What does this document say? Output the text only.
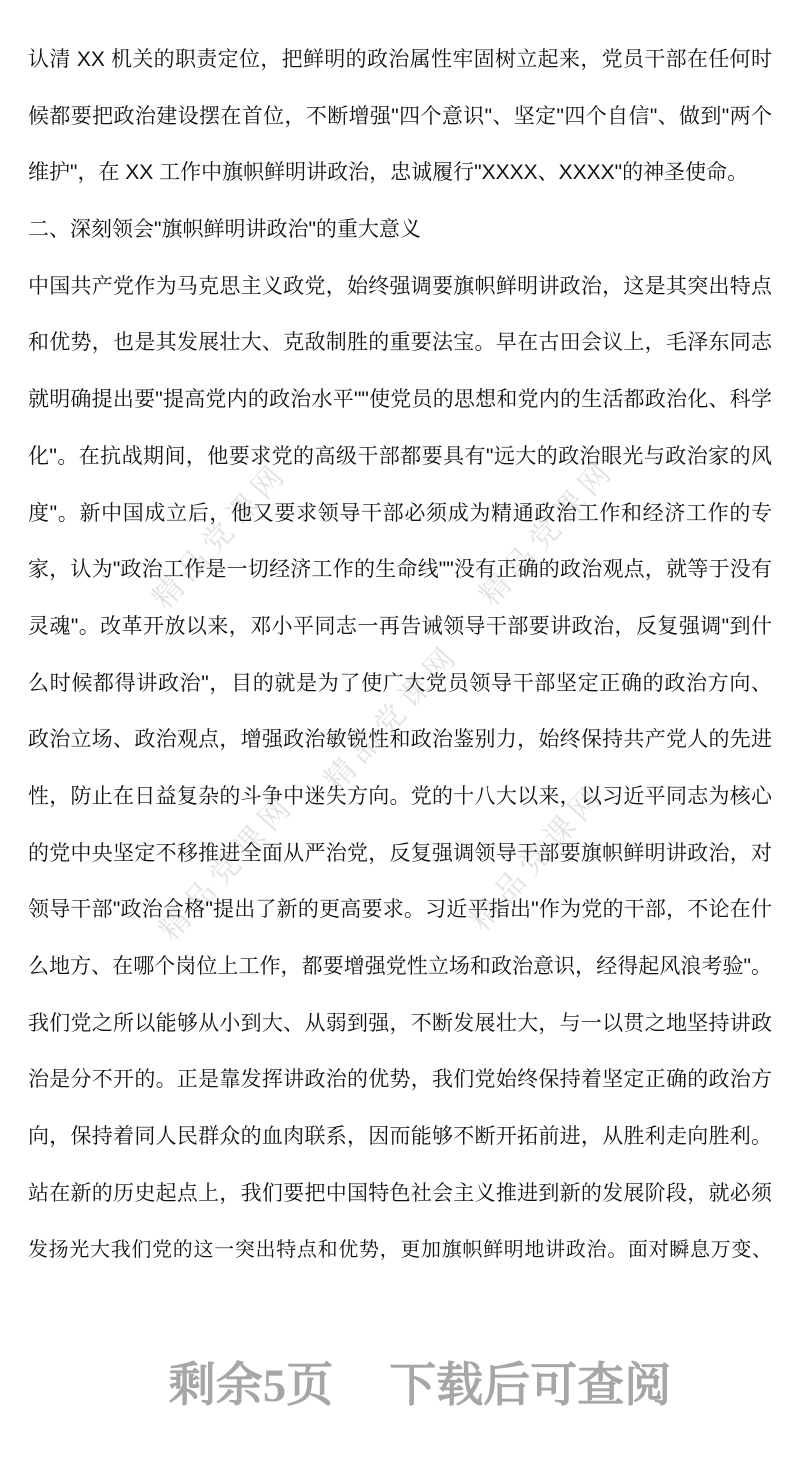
精品党课网	精品党课网
精品党课网
精品党课网	精品党课网
认清 XX 机关的职责定位，把鲜明的政治属性牢固树立起来，党员干部在任何时
候都要把政治建设摆在首位，不断增强"四个意识"、坚定"四个自信"、做到"两个
维护"，在 XX 工作中旗帜鲜明讲政治，忠诚履行"XXXX、XXXX"的神圣使命。
二、深刻领会"旗帜鲜明讲政治"的重大意义
中国共产党作为马克思主义政党，始终强调要旗帜鲜明讲政治，这是其突出特点
和优势，也是其发展壮大、克敌制胜的重要法宝。早在古田会议上，毛泽东同志
就明确提出要"提高党内的政治水平""使党员的思想和党内的生活都政治化、科学
化"。在抗战期间，他要求党的高级干部都要具有"远大的政治眼光与政治家的风
度"。新中国成立后，他又要求领导干部必须成为精通政治工作和经济工作的专
家，认为"政治工作是一切经济工作的生命线""没有正确的政治观点，就等于没有
灵魂"。改革开放以来，邓小平同志一再告诫领导干部要讲政治，反复强调"到什
么时候都得讲政治"，目的就是为了使广大党员领导干部坚定正确的政治方向、
政治立场、政治观点，增强政治敏锐性和政治鉴别力，始终保持共产党人的先进
性，防止在日益复杂的斗争中迷失方向。党的十八大以来，以习近平同志为核心
的党中央坚定不移推进全面从严治党，反复强调领导干部要旗帜鲜明讲政治，对
领导干部"政治合格"提出了新的更高要求。习近平指出"作为党的干部，不论在什
么地方、在哪个岗位上工作，都要增强党性立场和政治意识，经得起风浪考验"。
我们党之所以能够从小到大、从弱到强，不断发展壮大，与一以贯之地坚持讲政
治是分不开的。正是靠发挥讲政治的优势，我们党始终保持着坚定正确的政治方
向，保持着同人民群众的血肉联系，因而能够不断开拓前进，从胜利走向胜利。
站在新的历史起点上，我们要把中国特色社会主义推进到新的发展阶段，就必须
发扬光大我们党的这一突出特点和优势，更加旗帜鲜明地讲政治。面对瞬息万变、
剩余5页 下载后可查阅
